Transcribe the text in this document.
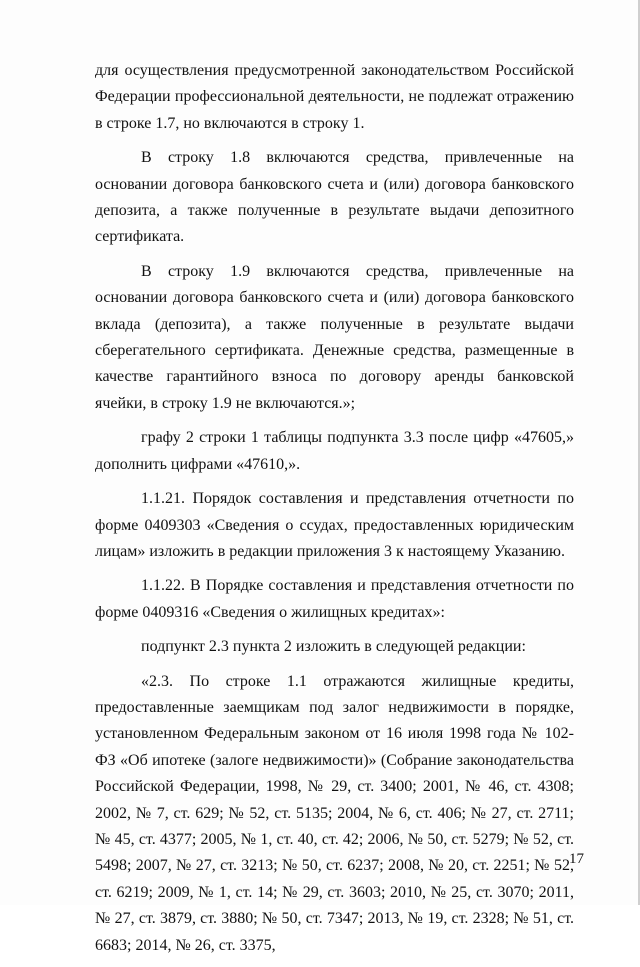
для осуществления предусмотренной законодательством Российской Федерации профессиональной деятельности, не подлежат отражению в строке 1.7, но включаются в строку 1.

В строку 1.8 включаются средства, привлеченные на основании договора банковского счета и (или) договора банковского депозита, а также полученные в результате выдачи депозитного сертификата.

В строку 1.9 включаются средства, привлеченные на основании договора банковского счета и (или) договора банковского вклада (депозита), а также полученные в результате выдачи сберегательного сертификата. Денежные средства, размещенные в качестве гарантийного взноса по договору аренды банковской ячейки, в строку 1.9 не включаются.»;

графу 2 строки 1 таблицы подпункта 3.3 после цифр «47605,» дополнить цифрами «47610,».

1.1.21. Порядок составления и представления отчетности по форме 0409303 «Сведения о ссудах, предоставленных юридическим лицам» изложить в редакции приложения 3 к настоящему Указанию.

1.1.22. В Порядке составления и представления отчетности по форме 0409316 «Сведения о жилищных кредитах»:

подпункт 2.3 пункта 2 изложить в следующей редакции:

«2.3. По строке 1.1 отражаются жилищные кредиты, предоставленные заемщикам под залог недвижимости в порядке, установленном Федеральным законом от 16 июля 1998 года № 102-ФЗ «Об ипотеке (залоге недвижимости)» (Собрание законодательства Российской Федерации, 1998, № 29, ст. 3400; 2001, № 46, ст. 4308; 2002, № 7, ст. 629; № 52, ст. 5135; 2004, № 6, ст. 406; № 27, ст. 2711; № 45, ст. 4377; 2005, № 1, ст. 40, ст. 42; 2006, № 50, ст. 5279; № 52, ст. 5498; 2007, № 27, ст. 3213; № 50, ст. 6237; 2008, № 20, ст. 2251; № 52, ст. 6219; 2009, № 1, ст. 14; № 29, ст. 3603; 2010, № 25, ст. 3070; 2011, № 27, ст. 3879, ст. 3880; № 50, ст. 7347; 2013, № 19, ст. 2328; № 51, ст. 6683; 2014, № 26, ст. 3375,

17
